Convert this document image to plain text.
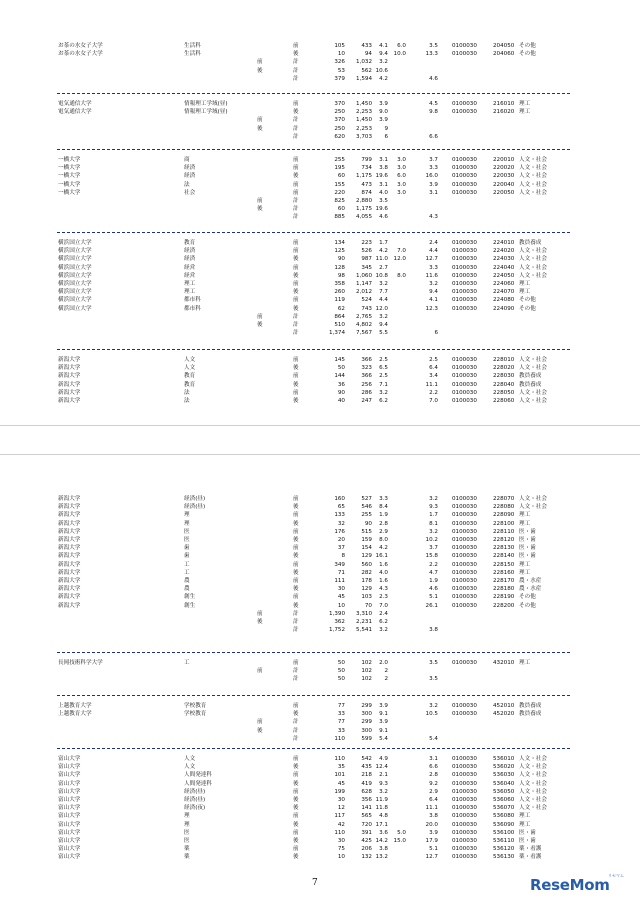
お茶の水女子大学	生活科	前	105	433	4.1	6.0	3.5	0100030	204050 その他
お茶の水女子大学	生活科	後	10	94	9.4 10.0	13.3	0100030	204060 その他
前	計	326	1,032	3.2
後	計	53	562 10.6
計	379	1,594	4.2	4.6
電気通信大学	情報理工学域(昼)	前	370	1,450	3.9	4.5	0100030	216010 理工
電気通信大学	情報理工学域(昼)	後	250	2,253	9.0	9.8	0100030	216020 理工
前	計	370	1,450	3.9
後	計	250	2,253	9
計	620	3,703	6	6.6
一橋大学	商	前	255	799	3.1	3.0	3.7	0100030	220010 人文・社会
一橋大学	経済	前	195	734	3.8	3.0	3.3	0100030	220020 人文・社会
一橋大学	経済	後	60	1,175 19.6	6.0	16.0	0100030	220030 人文・社会
一橋大学	法	前	155	473	3.1	3.0	3.9	0100030	220040 人文・社会
一橋大学	社会	前	220	874	4.0	3.0	3.1	0100030	220050 人文・社会
前	計	825	2,880	3.5
後	計	60	1,175 19.6
計	885	4,055	4.6	4.3
横浜国立大学	教育	前	134	223	1.7	2.4	0100030	224010 教員養成
横浜国立大学	経済	前	125	526	4.2	7.0	4.4	0100030	224020 人文・社会
横浜国立大学	経済	後	90	987 11.0 12.0	12.7	0100030	224030 人文・社会
横浜国立大学	経営	前	128	345	2.7	3.3	0100030	224040 人文・社会
横浜国立大学	経営	後	98	1,060 10.8	8.0	11.6	0100030	224050 人文・社会
横浜国立大学	理工	前	358	1,147	3.2	3.2	0100030	224060 理工
横浜国立大学	理工	後	260	2,012	7.7	9.4	0100030	224070 理工
横浜国立大学	都市科	前	119	524	4.4	4.1	0100030	224080 その他
横浜国立大学	都市科	後	62	743 12.0	12.3	0100030	224090 その他
前	計	864	2,765	3.2
後	計	510	4,802	9.4
計	1,374	7,567	5.5	6
新潟大学	人文	前	145	366	2.5	2.5	0100030	228010 人文・社会
新潟大学	人文	後	50	323	6.5	6.4	0100030	228020 人文・社会
新潟大学	教育	前	144	366	2.5	3.4	0100030	228030 教員養成
新潟大学	教育	後	36	256	7.1	11.1	0100030	228040 教員養成
新潟大学	法	前	90	286	3.2	2.2	0100030	228050 人文・社会
新潟大学	法	後	40	247	6.2	7.0	0100030	228060 人文・社会
新潟大学	経済(昼)	前	160	527	3.3	3.2	0100030	228070 人文・社会
新潟大学	経済(昼)	後	65	546	8.4	9.3	0100030	228080 人文・社会
新潟大学	理	前	133	255	1.9	1.7	0100030	228090 理工
新潟大学	理	後	32	90	2.8	8.1	0100030	228100 理工
新潟大学	医	前	176	515	2.9	3.2	0100030	228110 医・歯
新潟大学	医	後	20	159	8.0	10.2	0100030	228120 医・歯
新潟大学	歯	前	37	154	4.2	3.7	0100030	228130 医・歯
新潟大学	歯	後	8	129 16.1	15.8	0100030	228140 医・歯
新潟大学	工	前	349	560	1.6	2.2	0100030	228150 理工
新潟大学	工	後	71	282	4.0	4.7	0100030	228160 理工
新潟大学	農	前	111	178	1.6	1.9	0100030	228170 農・水産
新潟大学	農	後	30	129	4.3	4.6	0100030	228180 農・水産
新潟大学	創生	前	45	103	2.3	5.1	0100030	228190 その他
新潟大学	創生	後	10	70	7.0	26.1	0100030	228200 その他
前	計	1,390	3,310	2.4
後	計	362	2,231	6.2
計	1,752	5,541	3.2	3.8
長岡技術科学大学	工	前	50	102	2.0	3.5	0100030	432010 理工
前	計	50	102	2
計	50	102	2	3.5
上越教育大学	学校教育	前	77	299	3.9	3.2	0100030	452010 教員養成
上越教育大学	学校教育	後	33	300	9.1	10.5	0100030	452020 教員養成
前	計	77	299	3.9
後	計	33	300	9.1
計	110	599	5.4	5.4
富山大学	人文	前	110	542	4.9	3.1	0100030	536010 人文・社会
富山大学	人文	後	35	435 12.4	6.6	0100030	536020 人文・社会
富山大学	人間発達科	前	101	218	2.1	2.8	0100030	536030 人文・社会
富山大学	人間発達科	後	45	419	9.3	9.2	0100030	536040 人文・社会
富山大学	経済(昼)	前	199	628	3.2	2.9	0100030	536050 人文・社会
富山大学	経済(昼)	後	30	356 11.9	6.4	0100030	536060 人文・社会
富山大学	経済(夜)	後	12	141 11.8	11.1	0100030	536070 人文・社会
富山大学	理	前	117	565	4.8	3.8	0100030	536080 理工
富山大学	理	後	42	720 17.1	20.0	0100030	536090 理工
富山大学	医	前	110	391	3.6	5.0	3.9	0100030	536100 医・歯
富山大学	医	後	30	425 14.2 15.0	17.9	0100030	536110 医・歯
富山大学	薬	前	75	206	3.8	5.1	0100030	536120 薬・看護
富山大学	薬	後	10	132 13.2	12.7	0100030	536130 薬・看護
7	ReseMom
リセマム
